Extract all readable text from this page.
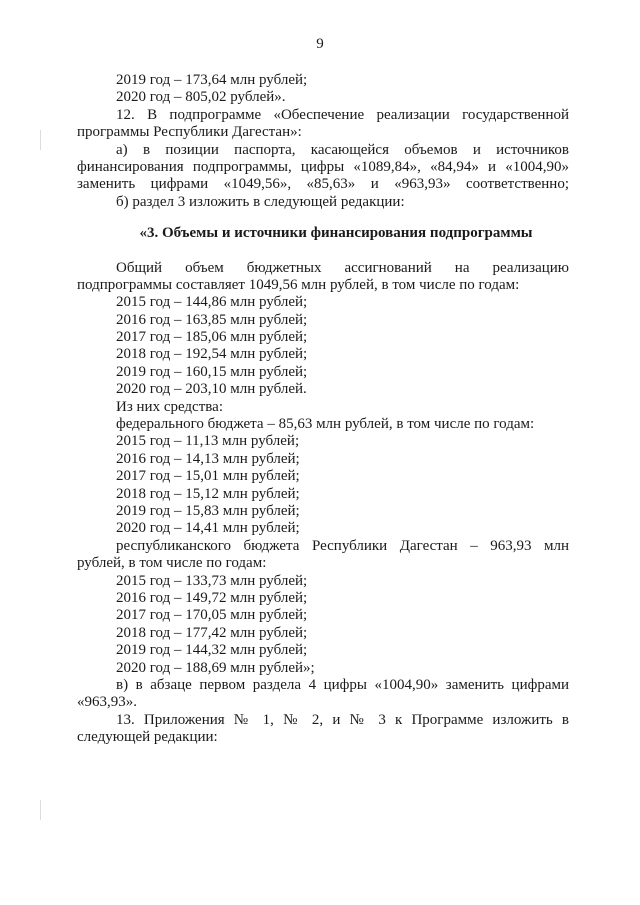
9
2019 год – 173,64 млн рублей;
2020 год – 805,02 рублей».
12. В подпрограмме «Обеспечение реализации государственной
программы Республики Дагестан»:
а) в позиции паспорта, касающейся объемов и источников
финансирования подпрограммы, цифры «1089,84», «84,94» и «1004,90»
заменить цифрами «1049,56», «85,63» и «963,93» соответственно;
б) раздел 3 изложить в следующей редакции:
«3. Объемы и источники финансирования подпрограммы
Общий объем бюджетных ассигнований на реализацию
подпрограммы составляет 1049,56 млн рублей, в том числе по годам:
2015 год – 144,86 млн рублей;
2016 год – 163,85 млн рублей;
2017 год – 185,06 млн рублей;
2018 год – 192,54 млн рублей;
2019 год – 160,15 млн рублей;
2020 год – 203,10 млн рублей.
Из них средства:
федерального бюджета – 85,63 млн рублей, в том числе по годам:
2015 год – 11,13 млн рублей;
2016 год – 14,13 млн рублей;
2017 год – 15,01 млн рублей;
2018 год – 15,12 млн рублей;
2019 год – 15,83 млн рублей;
2020 год – 14,41 млн рублей;
республиканского бюджета Республики Дагестан – 963,93 млн
рублей, в том числе по годам:
2015 год – 133,73 млн рублей;
2016 год – 149,72 млн рублей;
2017 год – 170,05 млн рублей;
2018 год – 177,42 млн рублей;
2019 год – 144,32 млн рублей;
2020 год – 188,69 млн рублей»;
в) в абзаце первом раздела 4 цифры «1004,90» заменить цифрами
«963,93».
13. Приложения № 1, № 2, и № 3 к Программе изложить в
следующей редакции:
